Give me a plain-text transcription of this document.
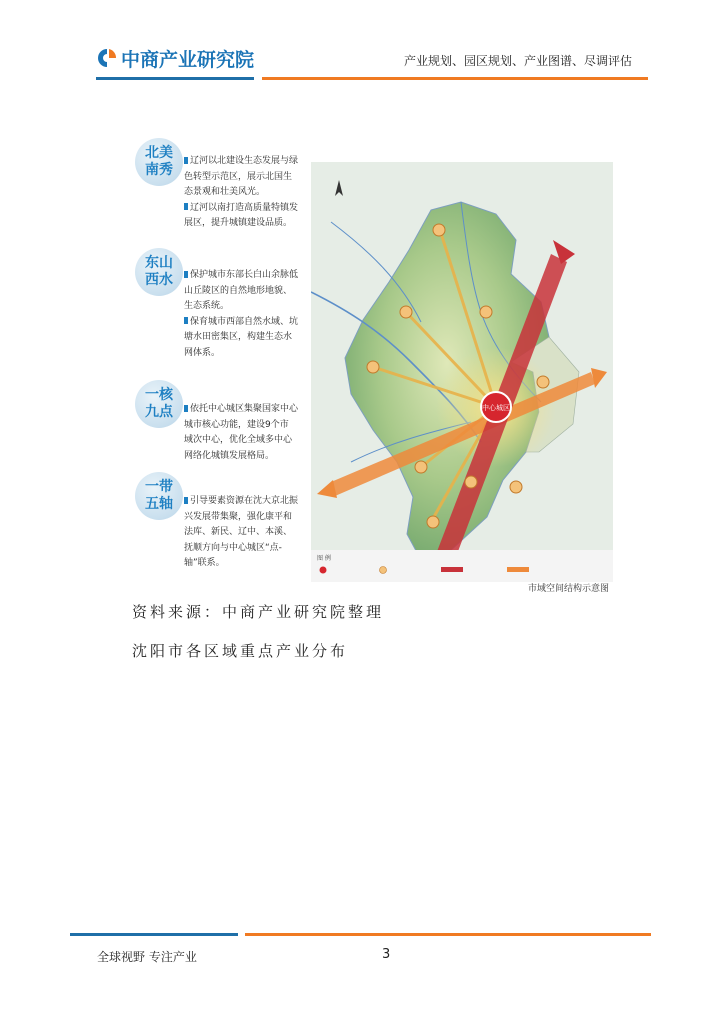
中商产业研究院	产业规划、园区规划、产业图谱、尽调评估
北美
南秀
辽河以北建设生态发展与绿
色转型示范区，展示北国生
态景观和壮美风光。
辽河以南打造高质量特镇发
展区，提升城镇建设品质。
东山
西水	保护城市东部长白山余脉低
山丘陵区的自然地形地貌、
生态系统。
保育城市西部自然水域、坑
塘水田密集区，构建生态水
网体系。
一核
九点	依托中心城区集聚国家中心
城市核心功能，建设9个市
域次中心，优化全域多中心
网络化城镇发展格局。
一带
五轴	引导要素资源在沈大京北振
兴发展带集聚，强化康平和
法库、新民、辽中、本溪、
抚顺方向与中心城区“点-
轴”联系。
中心城区
图 例
市域空间结构示意图
资料来源：中商产业研究院整理
沈阳市各区域重点产业分布
全球视野 专注产业	3
